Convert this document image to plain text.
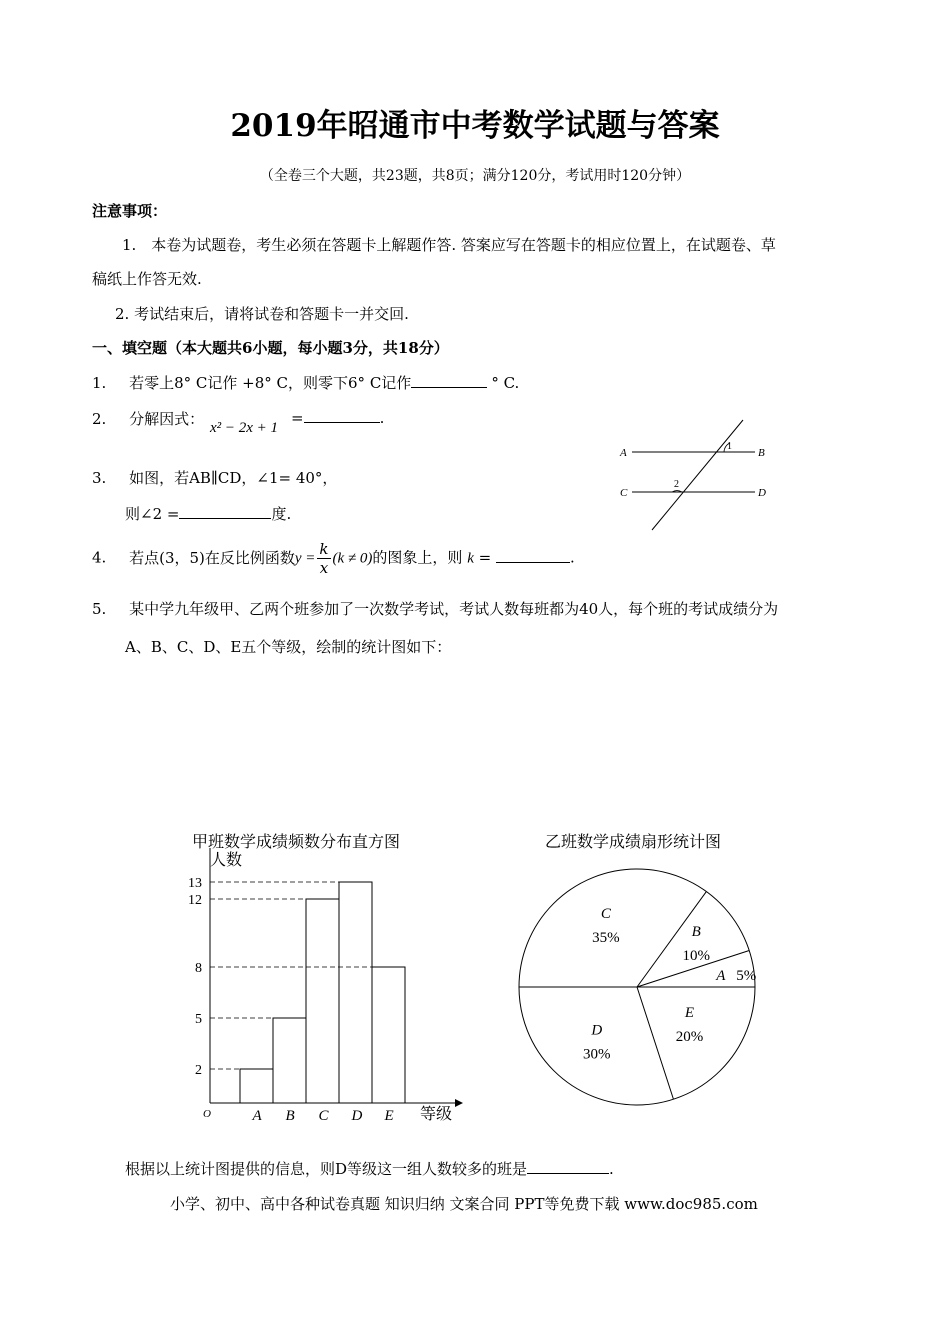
2019年昭通市中考数学试题与答案
（全卷三个大题，共23题，共8页；满分120分，考试用时120分钟）
注意事项：
1.　本卷为试题卷，考生必须在答题卡上解题作答. 答案应写在答题卡的相应位置上，在试题卷、草
稿纸上作答无效.
2. 考试结束后，请将试卷和答题卡一并交回.
一、填空题（本大题共6小题，每小题3分，共18分）
1. 若零上8° C记作 +8° C，则零下6° C记作	° C.
2. 分解因式： x² − 2x + 1
=	.
3. 如图，若AB∥CD，∠1= 40°，
则∠2 =	度.
A	B
C	D
1
2
4. 若点(3，5)在反比例函数$y = \frac{k}{x} (k \ne 0)$的图象上，则 k =	.
5. 某中学九年级甲、乙两个班参加了一次数学考试，考试人数每班都为40人，每个班的考试成绩分为
A、B、C、D、E五个等级，绘制的统计图如下：
甲班数学成绩频数分布直方图	乙班数学成绩扇形统计图
A B C D E
2
5
8
12
13
人数
等级
O
A 5%
B
10%
C
35%
D
30%
E
20%
根据以上统计图提供的信息，则D等级这一组人数较多的班是	.
小学、初中、高中各种试卷真题 知识归纳 文案合同 PPT等免费下载 www.doc985.com
